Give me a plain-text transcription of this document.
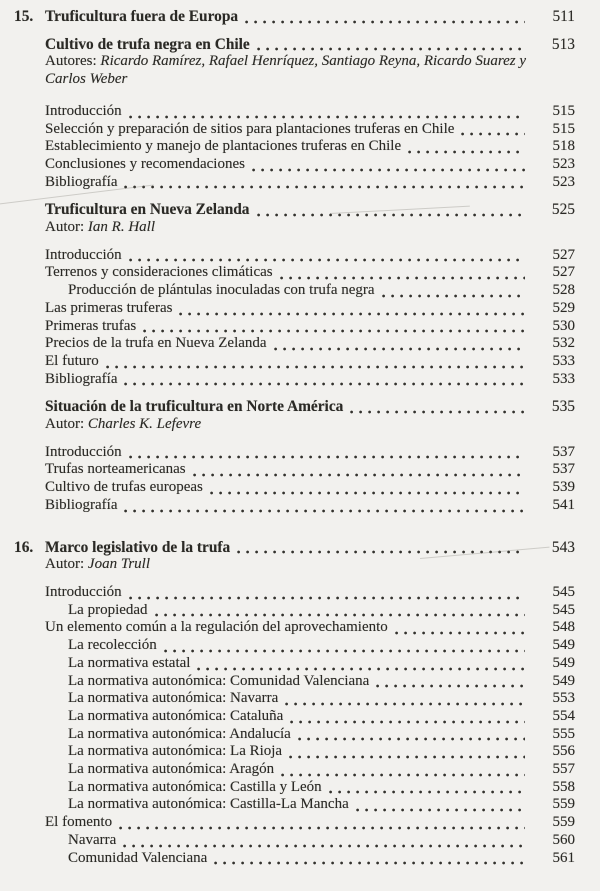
15. Truficultura fuera de Europa	511
Cultivo de trufa negra en Chile	513
Autores: Ricardo Ramírez, Rafael Henríquez, Santiago Reyna, Ricardo Suarez y Carlos Weber
Introducción	515
Selección y preparación de sitios para plantaciones truferas en Chile	515
Establecimiento y manejo de plantaciones truferas en Chile	518
Conclusiones y recomendaciones	523
Bibliografía	523
Truficultura en Nueva Zelanda	525
Autor: Ian R. Hall
Introducción	527
Terrenos y consideraciones climáticas	527
Producción de plántulas inoculadas con trufa negra	528
Las primeras truferas	529
Primeras trufas	530
Precios de la trufa en Nueva Zelanda	532
El futuro	533
Bibliografía	533
Situación de la truficultura en Norte América	535
Autor: Charles K. Lefevre
Introducción	537
Trufas norteamericanas	537
Cultivo de trufas europeas	539
Bibliografía	541
16. Marco legislativo de la trufa	543
Autor: Joan Trull
Introducción	545
La propiedad	545
Un elemento común a la regulación del aprovechamiento	548
La recolección	549
La normativa estatal	549
La normativa autonómica: Comunidad Valenciana	549
La normativa autonómica: Navarra	553
La normativa autonómica: Cataluña	554
La normativa autonómica: Andalucía	555
La normativa autonómica: La Rioja	556
La normativa autonómica: Aragón	557
La normativa autonómica: Castilla y León	558
La normativa autonómica: Castilla-La Mancha	559
El fomento	559
Navarra	560
Comunidad Valenciana	561
